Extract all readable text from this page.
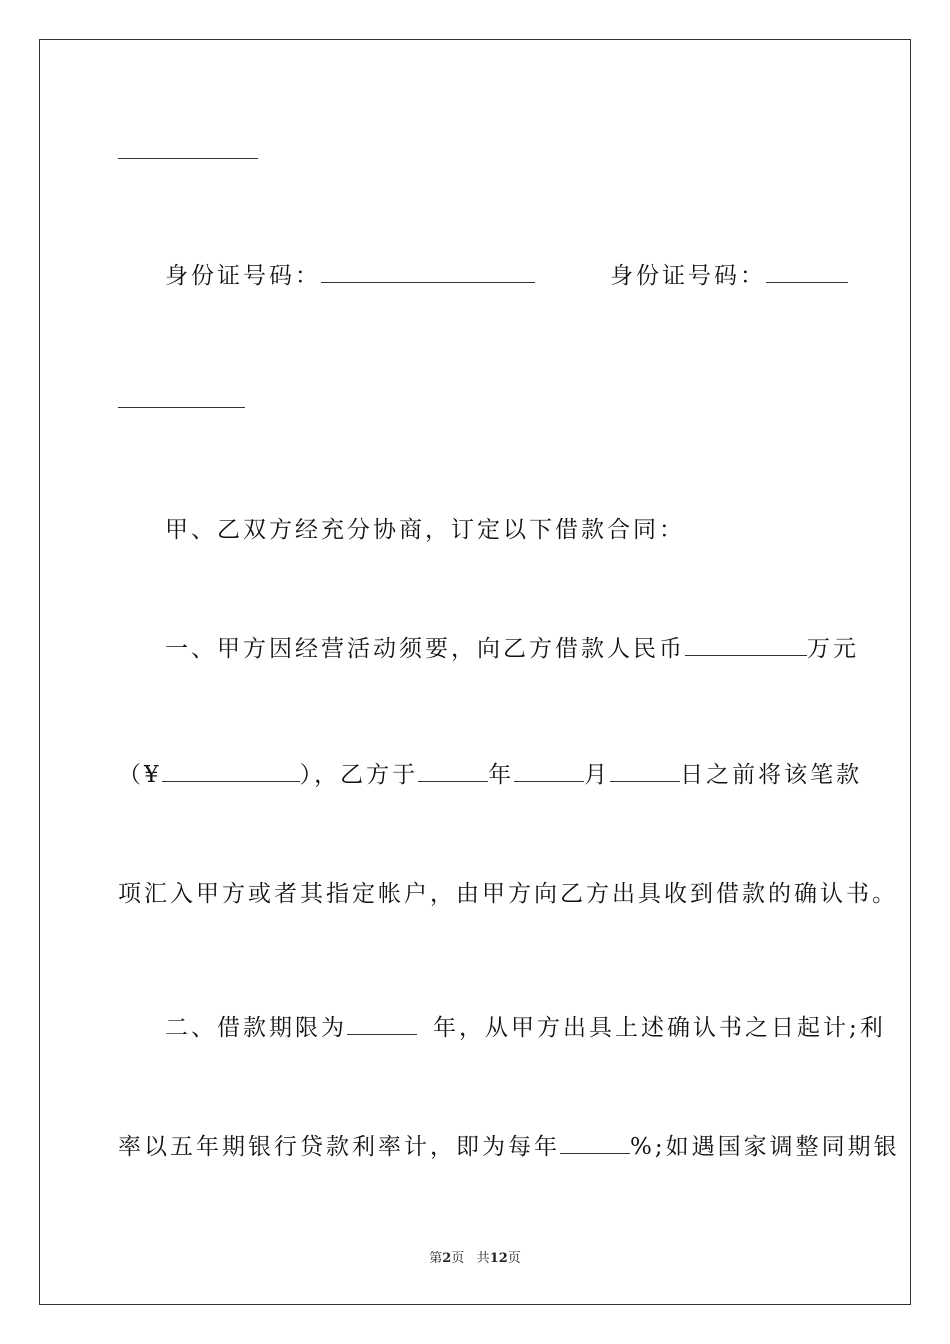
身份证号码：	身份证号码：
甲、乙双方经充分协商，订定以下借款合同：
一、甲方因经营活动须要，向乙方借款人民币	万元
（¥	），乙方于	年	月	日之前将该笔款
项汇入甲方或者其指定帐户，由甲方向乙方出具收到借款的确认书。
二、借款期限为	年，从甲方出具上述确认书之日起计;利
率以五年期银行贷款利率计，即为每年	%;如遇国家调整同期银
第2页 共12页
